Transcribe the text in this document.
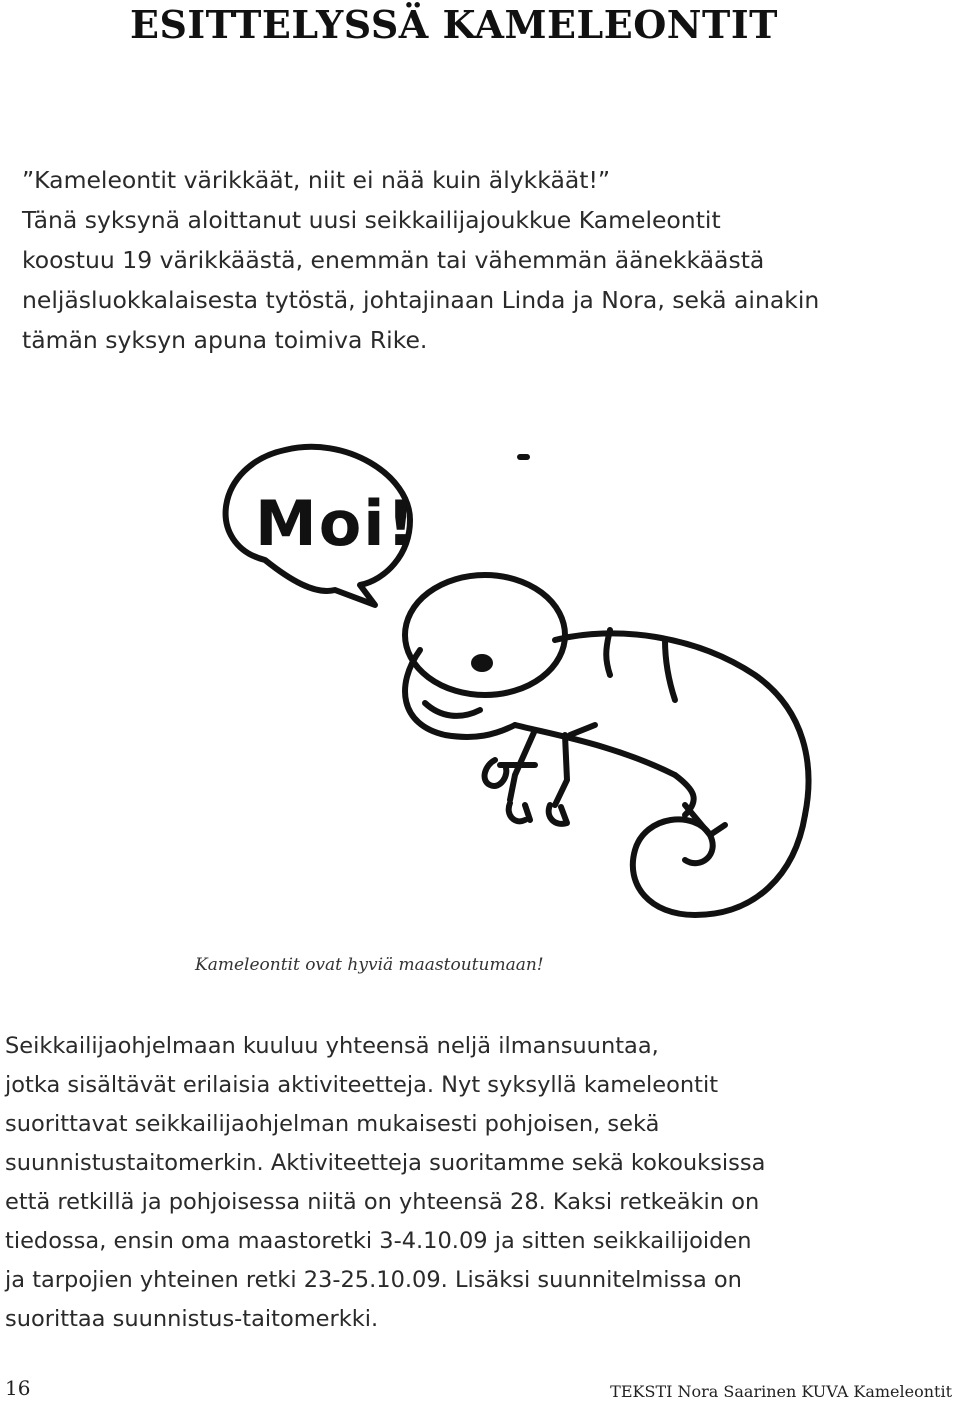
ESITTELYSSÄ KAMELEONTIT

”Kameleontit värikkäät, niit ei nää kuin älykkäät!”

Tänä syksynä aloittanut uusi seikkailijajoukkue Kameleontit

koostuu 19 värikkäästä, enemmän tai vähemmän äänekkäästä

neljäsluokkalaisesta tytöstä, johtajinaan Linda ja Nora, sekä ainakin

tämän syksyn apuna toimiva Rike.

Moi!
Kameleontit ovat hyviä maastoutumaan!
Seikkailijaohjelmaan kuuluu yhteensä neljä ilmansuuntaa,
jotka sisältävät erilaisia aktiviteetteja. Nyt syksyllä kameleontit
suorittavat seikkailijaohjelman mukaisesti pohjoisen, sekä
suunnistustaitomerkin. Aktiviteetteja suoritamme sekä kokouksissa
että retkillä ja pohjoisessa niitä on yhteensä 28. Kaksi retkeäkin on
tiedossa, ensin oma maastoretki 3-4.10.09 ja sitten seikkailijoiden
ja tarpojien yhteinen retki 23-25.10.09. Lisäksi suunnitelmissa on
suorittaa suunnistus-taitomerkki.
16	TEKSTI Nora Saarinen KUVA Kameleontit
